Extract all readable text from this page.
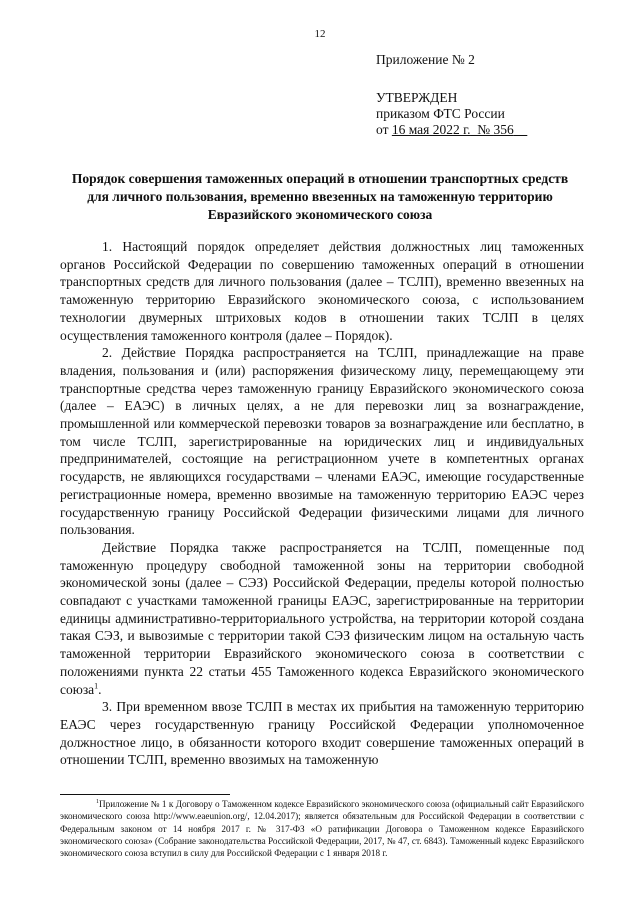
12
Приложение № 2
УТВЕРЖДЕН
приказом ФТС России
от 16 мая 2022 г.  № 356
Порядок совершения таможенных операций в отношении транспортных средств для личного пользования, временно ввезенных на таможенную территорию Евразийского экономического союза

1. Настоящий порядок определяет действия должностных лиц таможенных органов Российской Федерации по совершению таможенных операций в отношении транспортных средств для личного пользования (далее – ТСЛП), временно ввезенных на таможенную территорию Евразийского экономического союза, с использованием технологии двумерных штриховых кодов в отношении таких ТСЛП в целях осуществления таможенного контроля (далее – Порядок).

2. Действие Порядка распространяется на ТСЛП, принадлежащие на праве владения, пользования и (или) распоряжения физическому лицу, перемещающему эти транспортные средства через таможенную границу Евразийского экономического союза (далее – ЕАЭС) в личных целях, а не для перевозки лиц за вознаграждение, промышленной или коммерческой перевозки товаров за вознаграждение или бесплатно, в том числе ТСЛП, зарегистрированные на юридических лиц и индивидуальных предпринимателей, состоящие на регистрационном учете в компетентных органах государств, не являющихся государствами – членами ЕАЭС, имеющие государственные регистрационные номера, временно ввозимые на таможенную территорию ЕАЭС через государственную границу Российской Федерации физическими лицами для личного пользования.

Действие Порядка также распространяется на ТСЛП, помещенные под таможенную процедуру свободной таможенной зоны на территории свободной экономической зоны (далее – СЭЗ) Российской Федерации, пределы которой полностью совпадают с участками таможенной границы ЕАЭС, зарегистрированные на территории единицы административно-территориального устройства, на территории которой создана такая СЭЗ, и вывозимые с территории такой СЭЗ физическим лицом на остальную часть таможенной территории Евразийского экономического союза в соответствии с положениями пункта 22 статьи 455 Таможенного кодекса Евразийского экономического союза$^1$.

3. При временном ввозе ТСЛП в местах их прибытия на таможенную территорию ЕАЭС через государственную границу Российской Федерации уполномоченное должностное лицо, в обязанности которого входит совершение таможенных операций в отношении ТСЛП, временно ввозимых на таможенную

$^1$Приложение № 1 к Договору о Таможенном кодексе Евразийского экономического союза (официальный сайт Евразийского экономического союза http://www.eaeunion.org/, 12.04.2017); является обязательным для Российской Федерации в соответствии с Федеральным законом от 14 ноября 2017 г. № 317-ФЗ «О ратификации Договора о Таможенном кодексе Евразийского экономического союза» (Собрание законодательства Российской Федерации, 2017, № 47, ст. 6843). Таможенный кодекс Евразийского экономического союза вступил в силу для Российской Федерации с 1 января 2018 г.
